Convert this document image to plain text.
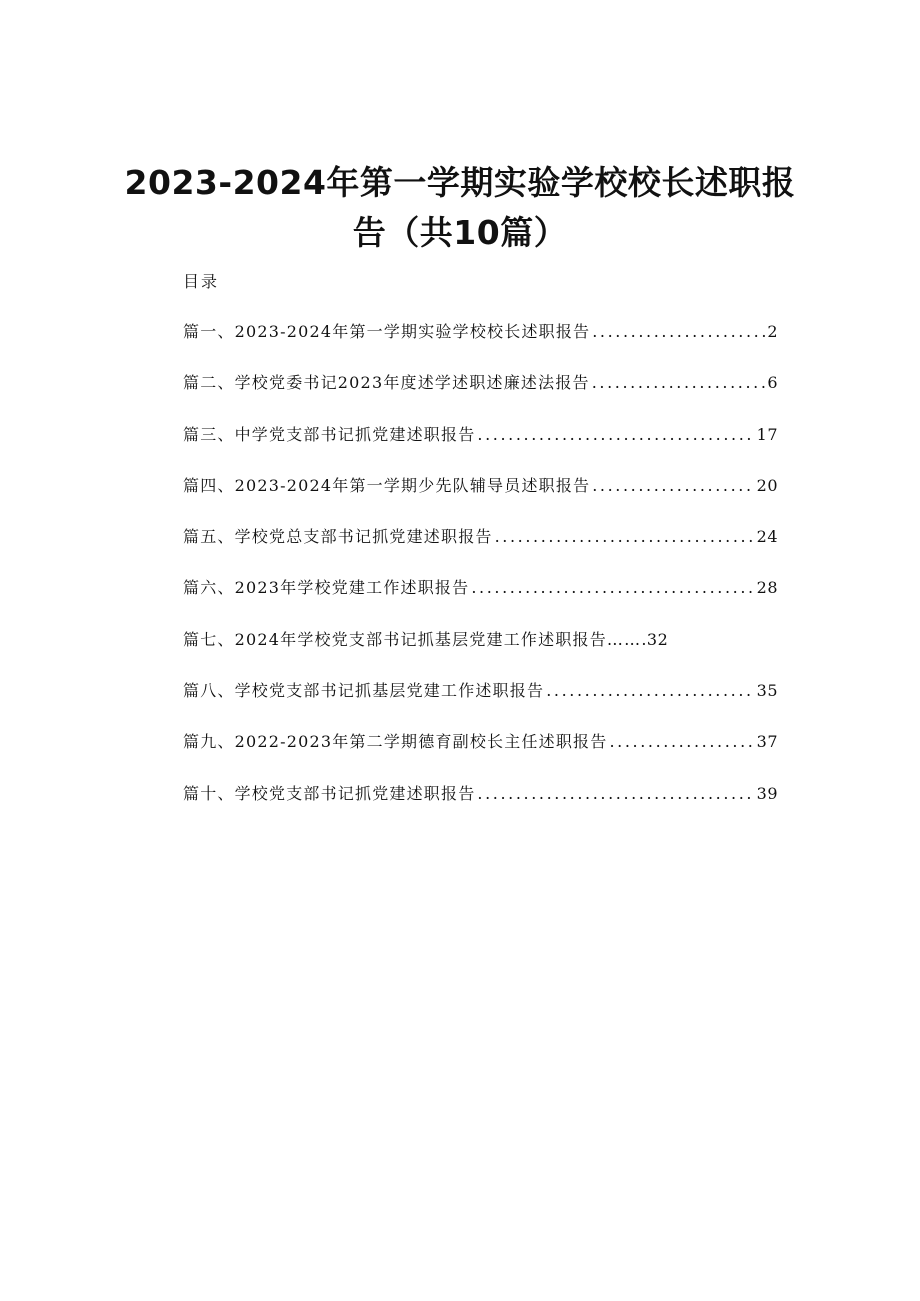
2023-2024年第一学期实验学校校长述职报
告（共10篇）
目录
篇一、2023-2024年第一学期实验学校校长述职报告 .....	2
篇二、学校党委书记2023年度述学述职述廉述法报告 .....	6
篇三、中学党支部书记抓党建述职报告 .....	17
篇四、2023-2024年第一学期少先队辅导员述职报告 .....	20
篇五、学校党总支部书记抓党建述职报告 .....	24
篇六、2023年学校党建工作述职报告 .....	28
篇七、2024年学校党支部书记抓基层党建工作述职报告…… .32
篇八、学校党支部书记抓基层党建工作述职报告 .....	35
篇九、2022-2023年第二学期德育副校长主任述职报告 .....	37
篇十、学校党支部书记抓党建述职报告 .....	39
